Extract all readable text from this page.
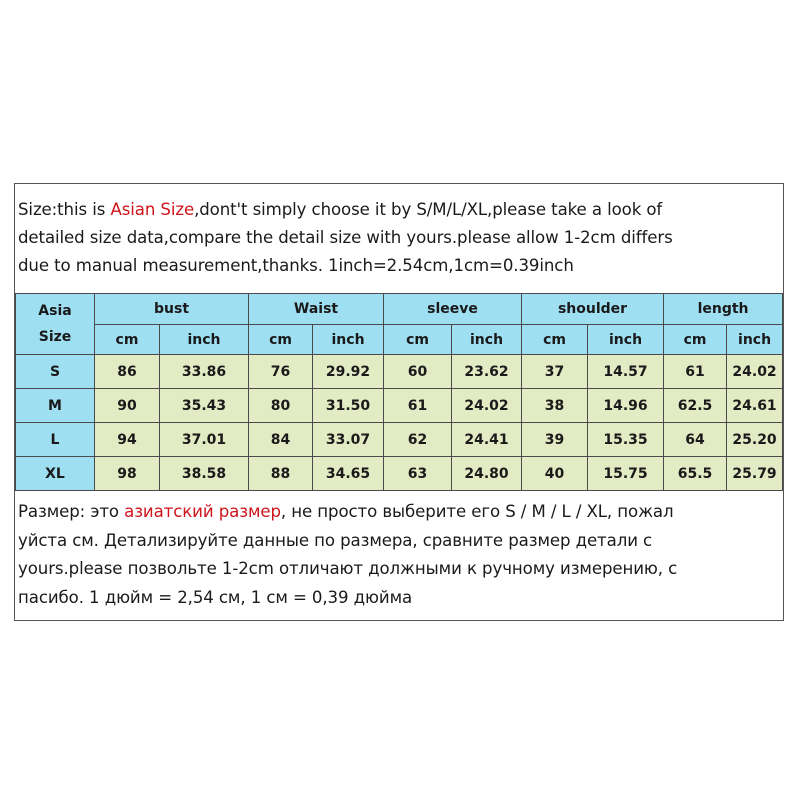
Size:this is Asian Size,dont't simply choose it by S/M/L/XL,please take a look of
detailed size data,compare the detail size with yours.please allow 1-2cm differs
due to manual measurement,thanks. 1inch=2.54cm,1cm=0.39inch
Asia
Size	bust		Waist		sleeve		shoulder		length	
	cm	inch	cm	inch	cm	inch	cm	inch	cm	inch
S	86	33.86	76	29.92	60	23.62	37	14.57	61	24.02
M	90	35.43	80	31.50	61	24.02	38	14.96	62.5	24.61
L	94	37.01	84	33.07	62	24.41	39	15.35	64	25.20
XL	98	38.58	88	34.65	63	24.80	40	15.75	65.5	25.79
Размер: это азиатский размер, не просто выберите его S / M / L / XL, пожал
уйста см. Детализируйте данные по размера, сравните размер детали с
yours.please позвольте 1-2cm отличают должными к ручному измерению, с
пасибо. 1 дюйм = 2,54 см, 1 см = 0,39 дюйма
